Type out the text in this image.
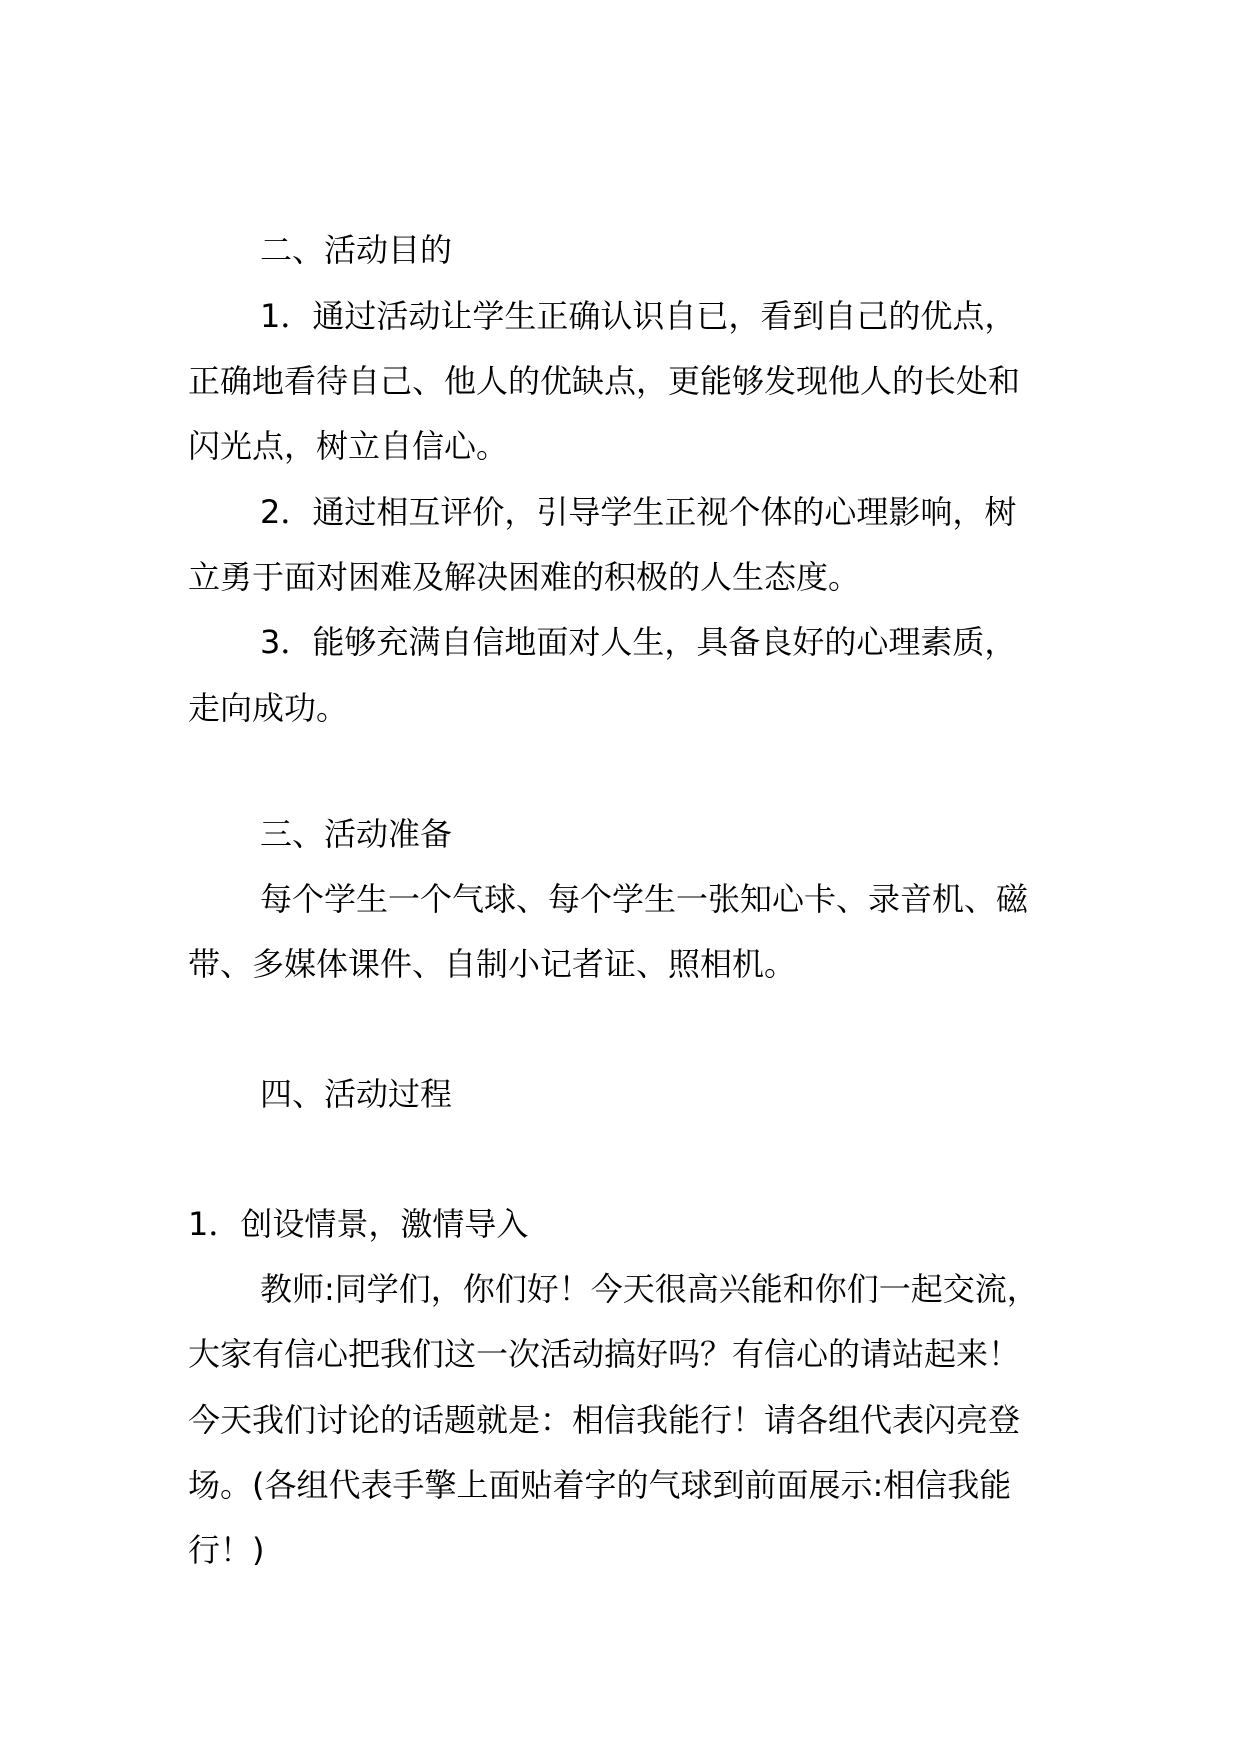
二、活动目的
1．通过活动让学生正确认识自已，看到自己的优点，
正确地看待自己、他人的优缺点，更能够发现他人的长处和
闪光点，树立自信心。
2．通过相互评价，引导学生正视个体的心理影响，树
立勇于面对困难及解决困难的积极的人生态度。
3．能够充满自信地面对人生，具备良好的心理素质，
走向成功。
三、活动准备
每个学生一个气球、每个学生一张知心卡、录音机、磁
带、多媒体课件、自制小记者证、照相机。
四、活动过程
1．创设情景，激情导入
教师:同学们，你们好！今天很高兴能和你们一起交流，
大家有信心把我们这一次活动搞好吗？有信心的请站起来！
今天我们讨论的话题就是：相信我能行！请各组代表闪亮登
场。(各组代表手擎上面贴着字的气球到前面展示:相信我能
行！)
